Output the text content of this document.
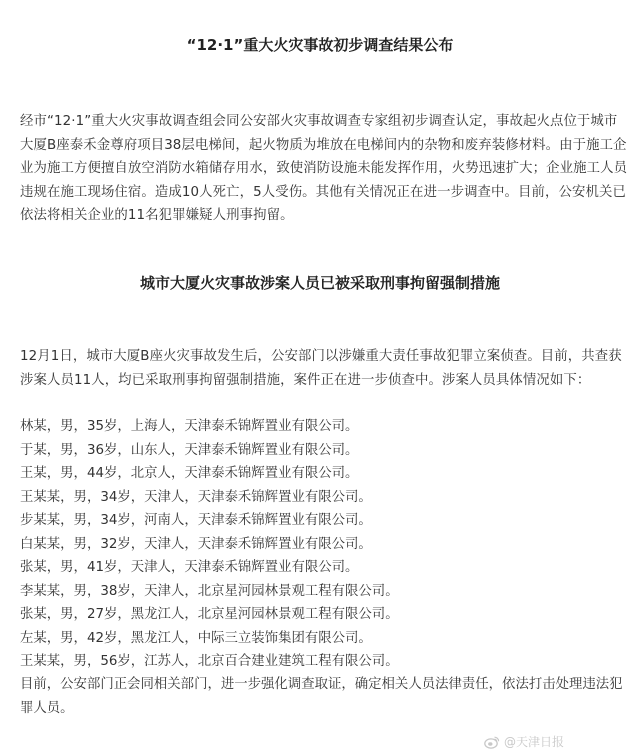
“12·1”重大火灾事故初步调查结果公布

经市“12·1”重大火灾事故调查组会同公安部火灾事故调查专家组初步调查认定，事故起火点位于城市大厦B座泰禾金尊府项目38层电梯间，起火物质为堆放在电梯间内的杂物和废弃装修材料。由于施工企业为施工方便擅自放空消防水箱储存用水，致使消防设施未能发挥作用，火势迅速扩大；企业施工人员违规在施工现场住宿。造成10人死亡，5人受伤。其他有关情况正在进一步调查中。目前，公安机关已依法将相关企业的11名犯罪嫌疑人刑事拘留。

城市大厦火灾事故涉案人员已被采取刑事拘留强制措施

12月1日，城市大厦B座火灾事故发生后，公安部门以涉嫌重大责任事故犯罪立案侦查。目前，共查获涉案人员11人，均已采取刑事拘留强制措施，案件正在进一步侦查中。涉案人员具体情况如下：

林某，男，35岁，上海人，天津泰禾锦辉置业有限公司。
于某，男，36岁，山东人，天津泰禾锦辉置业有限公司。
王某，男，44岁，北京人，天津泰禾锦辉置业有限公司。
王某某，男，34岁，天津人，天津泰禾锦辉置业有限公司。
步某某，男，34岁，河南人，天津泰禾锦辉置业有限公司。
白某某，男，32岁，天津人，天津泰禾锦辉置业有限公司。
张某，男，41岁，天津人，天津泰禾锦辉置业有限公司。
李某某，男，38岁，天津人，北京星河园林景观工程有限公司。
张某，男，27岁，黑龙江人，北京星河园林景观工程有限公司。
左某，男，42岁，黑龙江人，中际三立装饰集团有限公司。
王某某，男，56岁，江苏人，北京百合建业建筑工程有限公司。

目前，公安部门正会同相关部门，进一步强化调查取证，确定相关人员法律责任，依法打击处理违法犯罪人员。

@天津日报
